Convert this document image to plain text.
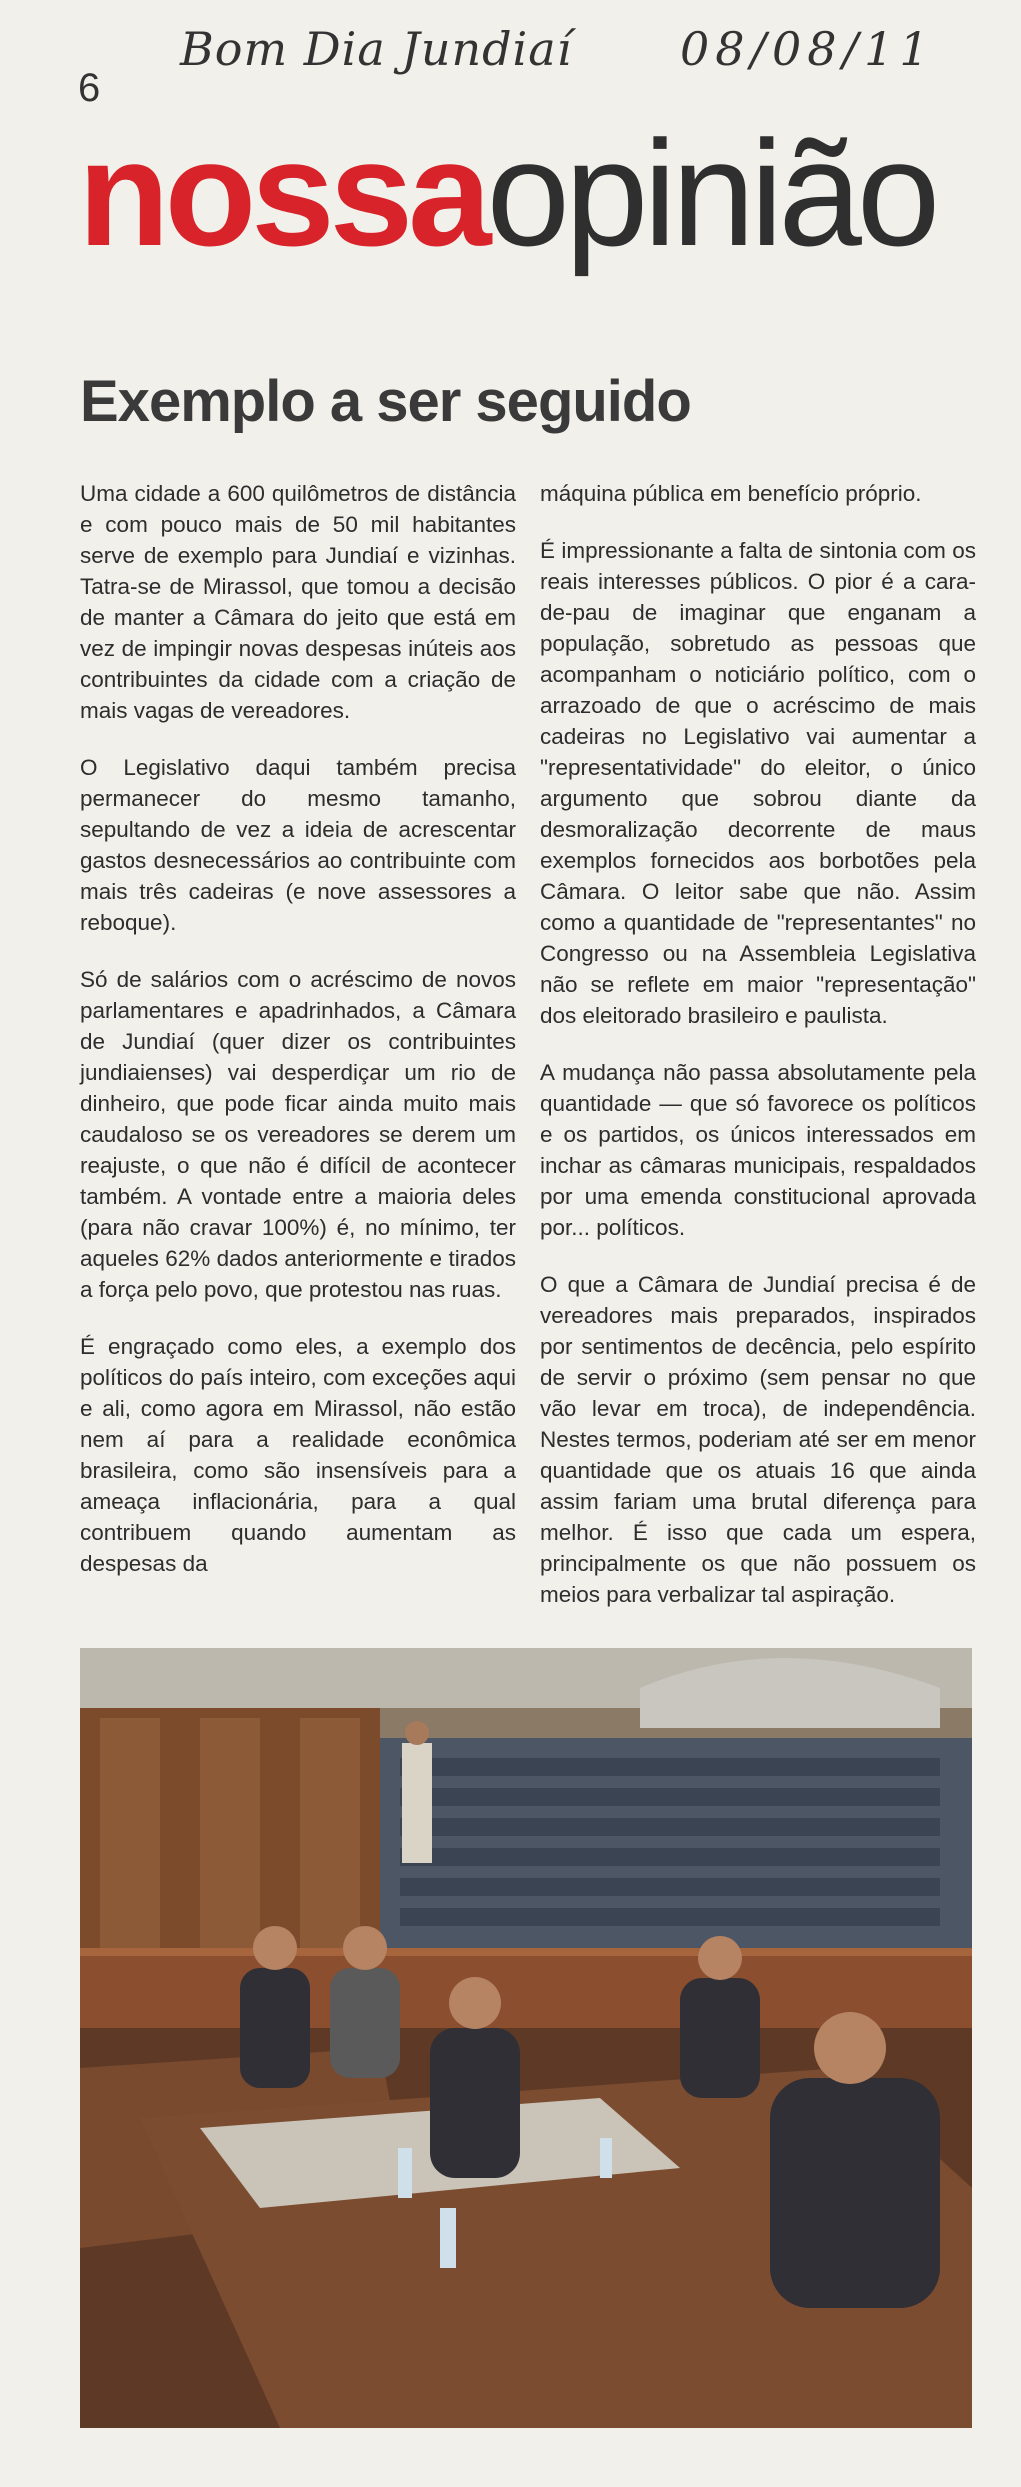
Bom Dia Jundiaí 08/08/11
6
nossaopinião
Exemplo a ser seguido

Uma cidade a 600 quilômetros de distância e com pouco mais de 50 mil habitantes serve de exemplo para Jundiaí e vizinhas. Tatra-se de Mirassol, que tomou a decisão de manter a Câmara do jeito que está em vez de impingir novas despesas inúteis aos contribuintes da cidade com a criação de mais vagas de vereadores.

O Legislativo daqui também precisa permanecer do mesmo tamanho, sepultando de vez a ideia de acrescentar gastos desnecessários ao contribuinte com mais três cadeiras (e nove assessores a reboque).

Só de salários com o acréscimo de novos parlamentares e apadrinhados, a Câmara de Jundiaí (quer dizer os contribuintes jundiaienses) vai desperdiçar um rio de dinheiro, que pode ficar ainda muito mais caudaloso se os vereadores se derem um reajuste, o que não é difícil de acontecer também. A vontade entre a maioria deles (para não cravar 100%) é, no mínimo, ter aqueles 62% dados anteriormente e tirados a força pelo povo, que protestou nas ruas.

É engraçado como eles, a exemplo dos políticos do país inteiro, com exceções aqui e ali, como agora em Mirassol, não estão nem aí para a realidade econômica brasileira, como são insensíveis para a ameaça inflacionária, para a qual contribuem quando aumentam as despesas da

máquina pública em benefício próprio.

É impressionante a falta de sintonia com os reais interesses públicos. O pior é a cara-de-pau de imaginar que enganam a população, sobretudo as pessoas que acompanham o noticiário político, com o arrazoado de que o acréscimo de mais cadeiras no Legislativo vai aumentar a "representatividade" do eleitor, o único argumento que sobrou diante da desmoralização decorrente de maus exemplos fornecidos aos borbotões pela Câmara. O leitor sabe que não. Assim como a quantidade de "representantes" no Congresso ou na Assembleia Legislativa não se reflete em maior "representação" dos eleitorado brasileiro e paulista.

A mudança não passa absolutamente pela quantidade — que só favorece os políticos e os partidos, os únicos interessados em inchar as câmaras municipais, respaldados por uma emenda constitucional aprovada por... políticos.

O que a Câmara de Jundiaí precisa é de vereadores mais preparados, inspirados por sentimentos de decência, pelo espírito de servir o próximo (sem pensar no que vão levar em troca), de independência. Nestes termos, poderiam até ser em menor quantidade que os atuais 16 que ainda assim fariam uma brutal diferença para melhor. É isso que cada um espera, principalmente os que não possuem os meios para verbalizar tal aspiração.
